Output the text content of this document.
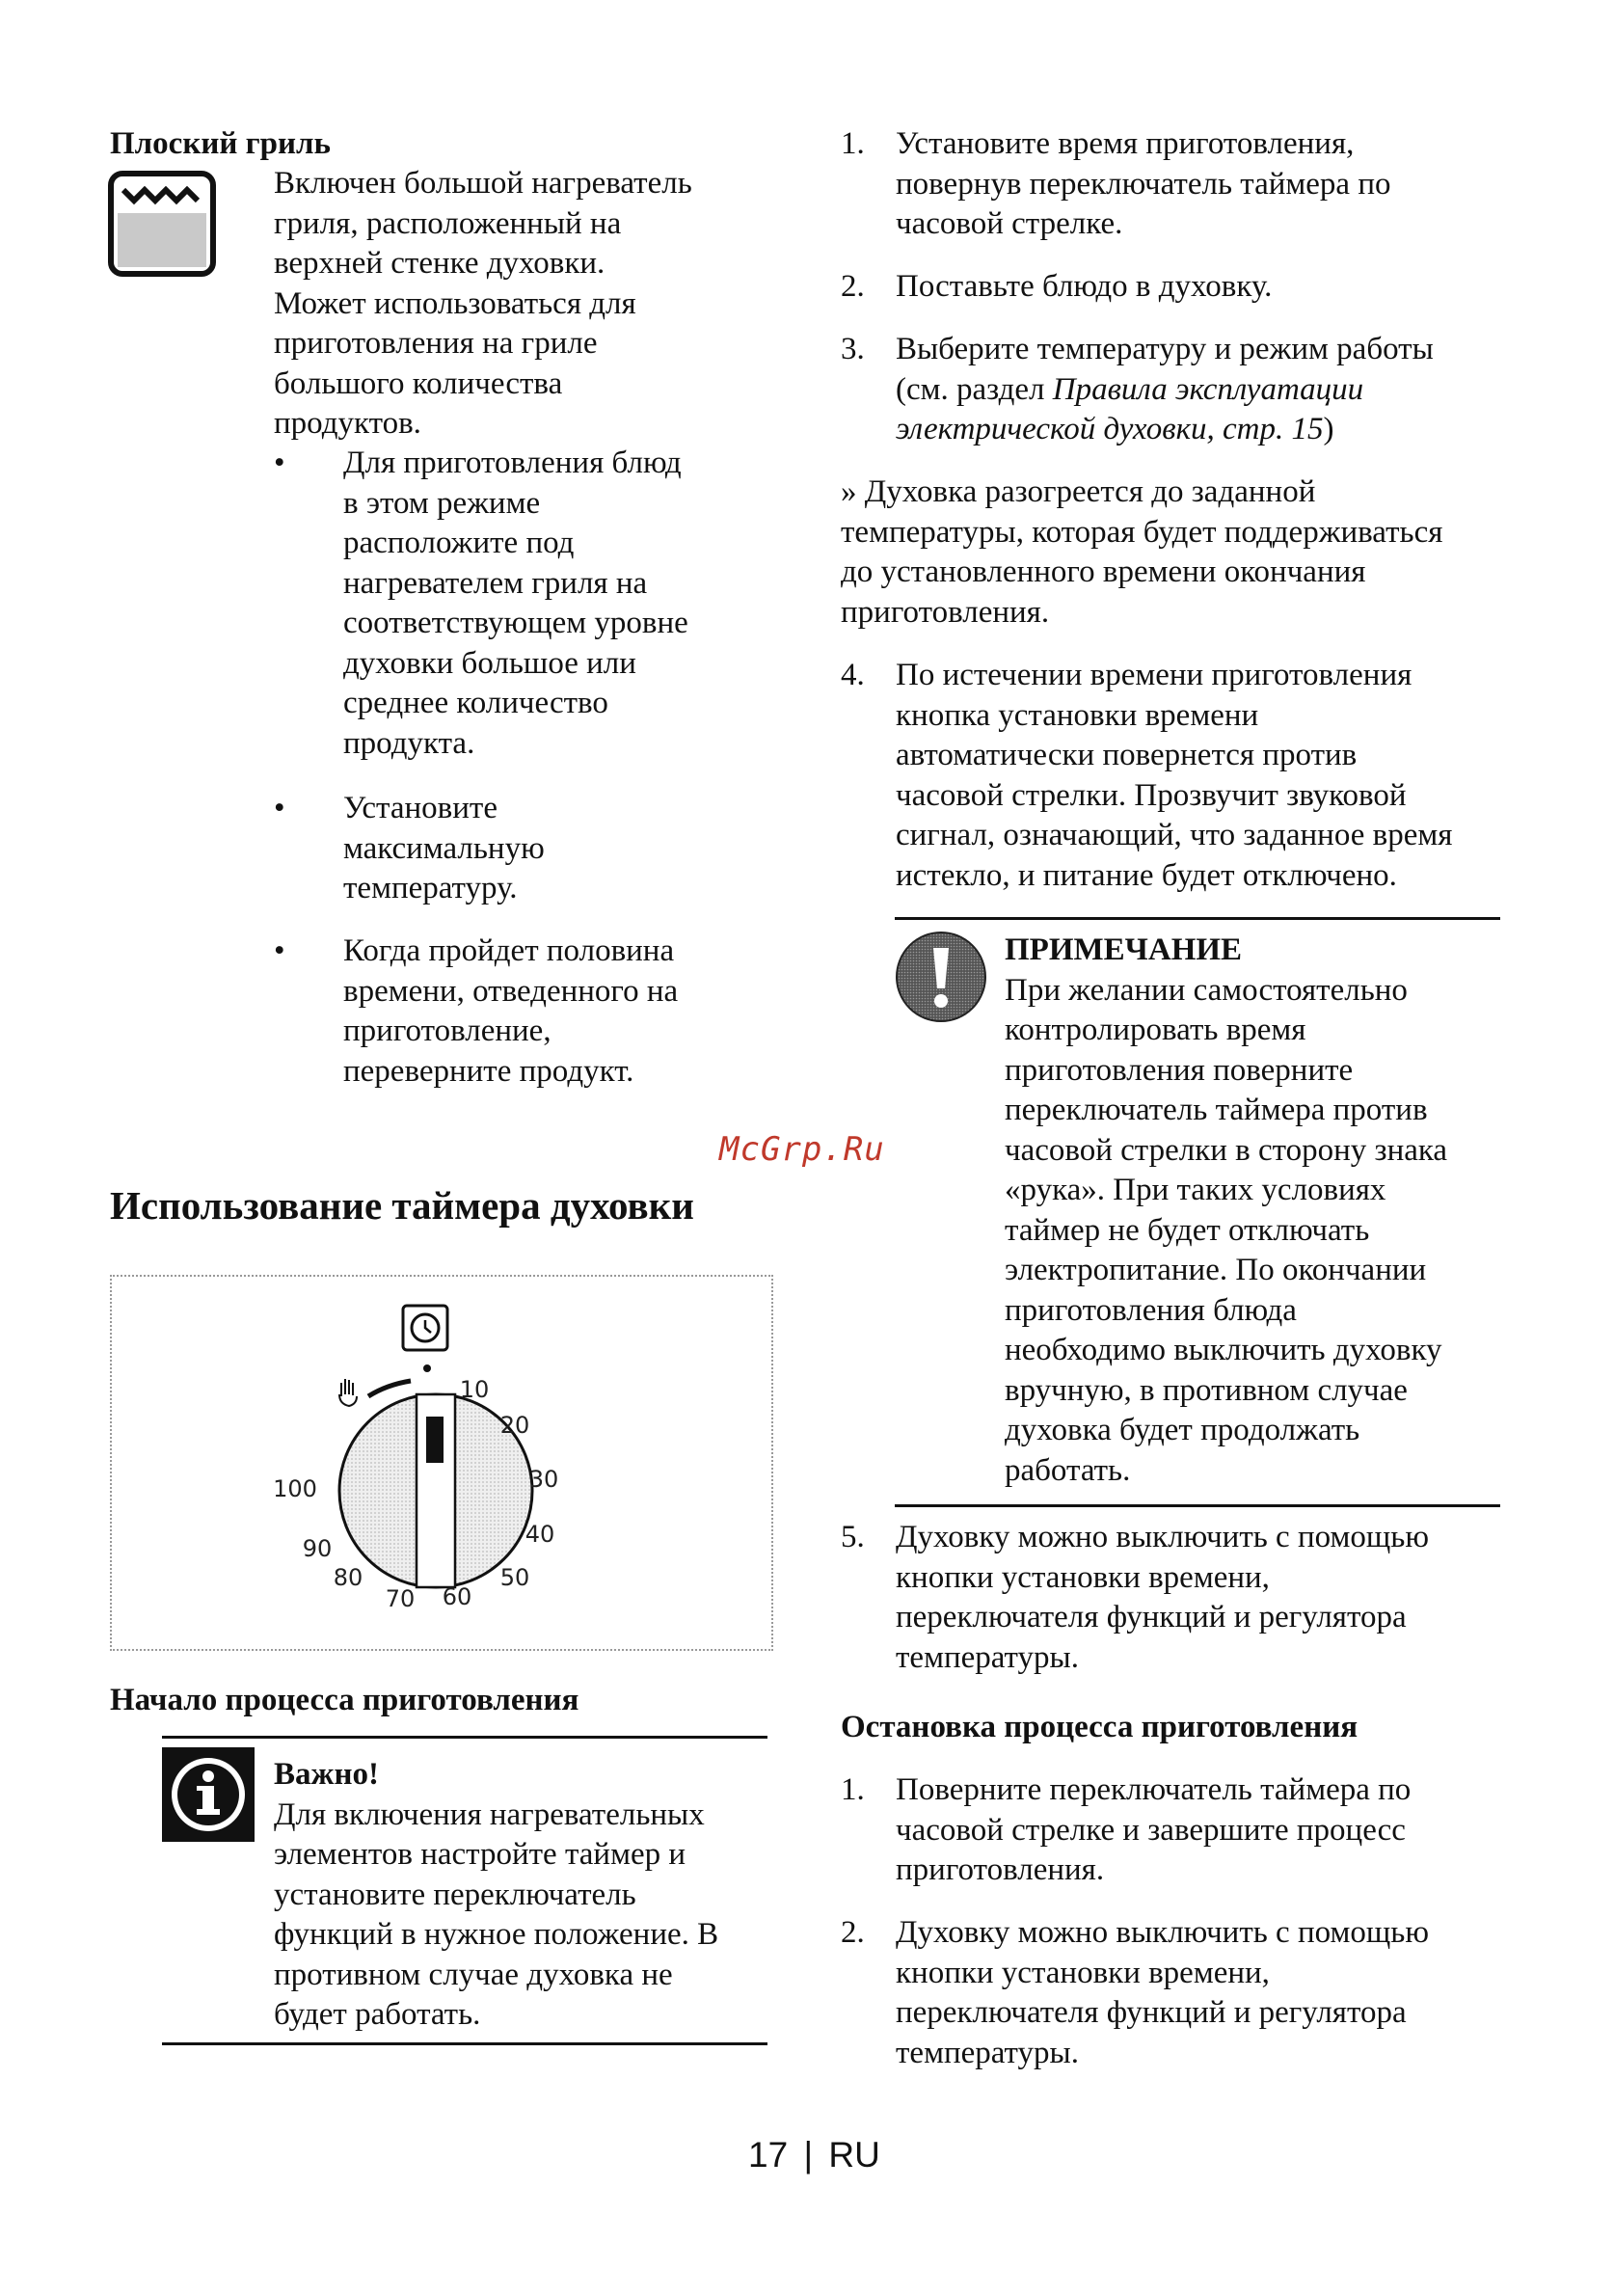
Плоский гриль
Включен большой нагреватель
гриля, расположенный на
верхней стенке духовки.
Может использоваться для
приготовления на гриле
большого количества
продуктов.
• Для приготовления блюд
в этом режиме
расположите под
нагревателем гриля на
соответствующем уровне
духовки большое или
среднее количество
продукта.
• Установите
максимальную
температуру.
• Когда пройдет половина
времени, отведенного на
приготовление,
переверните продукт.
McGrp.Ru
Использование таймера духовки
10
20
30
40
50
60
70
80
90
100
Начало процесса приготовления
Важно!
Для включения нагревательных
элементов настройте таймер и
установите переключатель
функций в нужное положение. В
противном случае духовка не
будет работать.
1. Установите время приготовления,
повернув переключатель таймера по
часовой стрелке.
2. Поставьте блюдо в духовку.
3. Выберите температуру и режим работы
(см. раздел Правила эксплуатации
электрической духовки, стр. 15)
» Духовка разогреется до заданной
температуры, которая будет поддерживаться
до установленного времени окончания
приготовления.
4. По истечении времени приготовления
кнопка установки времени
автоматически повернется против
часовой стрелки. Прозвучит звуковой
сигнал, означающий, что заданное время
истекло, и питание будет отключено.
ПРИМЕЧАНИЕ
При желании самостоятельно
контролировать время
приготовления поверните
переключатель таймера против
часовой стрелки в сторону знака
«рука». При таких условиях
таймер не будет отключать
электропитание. По окончании
приготовления блюда
необходимо выключить духовку
вручную, в противном случае
духовка будет продолжать
работать.
5. Духовку можно выключить с помощью
кнопки установки времени,
переключателя функций и регулятора
температуры.
Остановка процесса приготовления
1. Поверните переключатель таймера по
часовой стрелке и завершите процесс
приготовления.
2. Духовку можно выключить с помощью
кнопки установки времени,
переключателя функций и регулятора
температуры.
17 | RU
